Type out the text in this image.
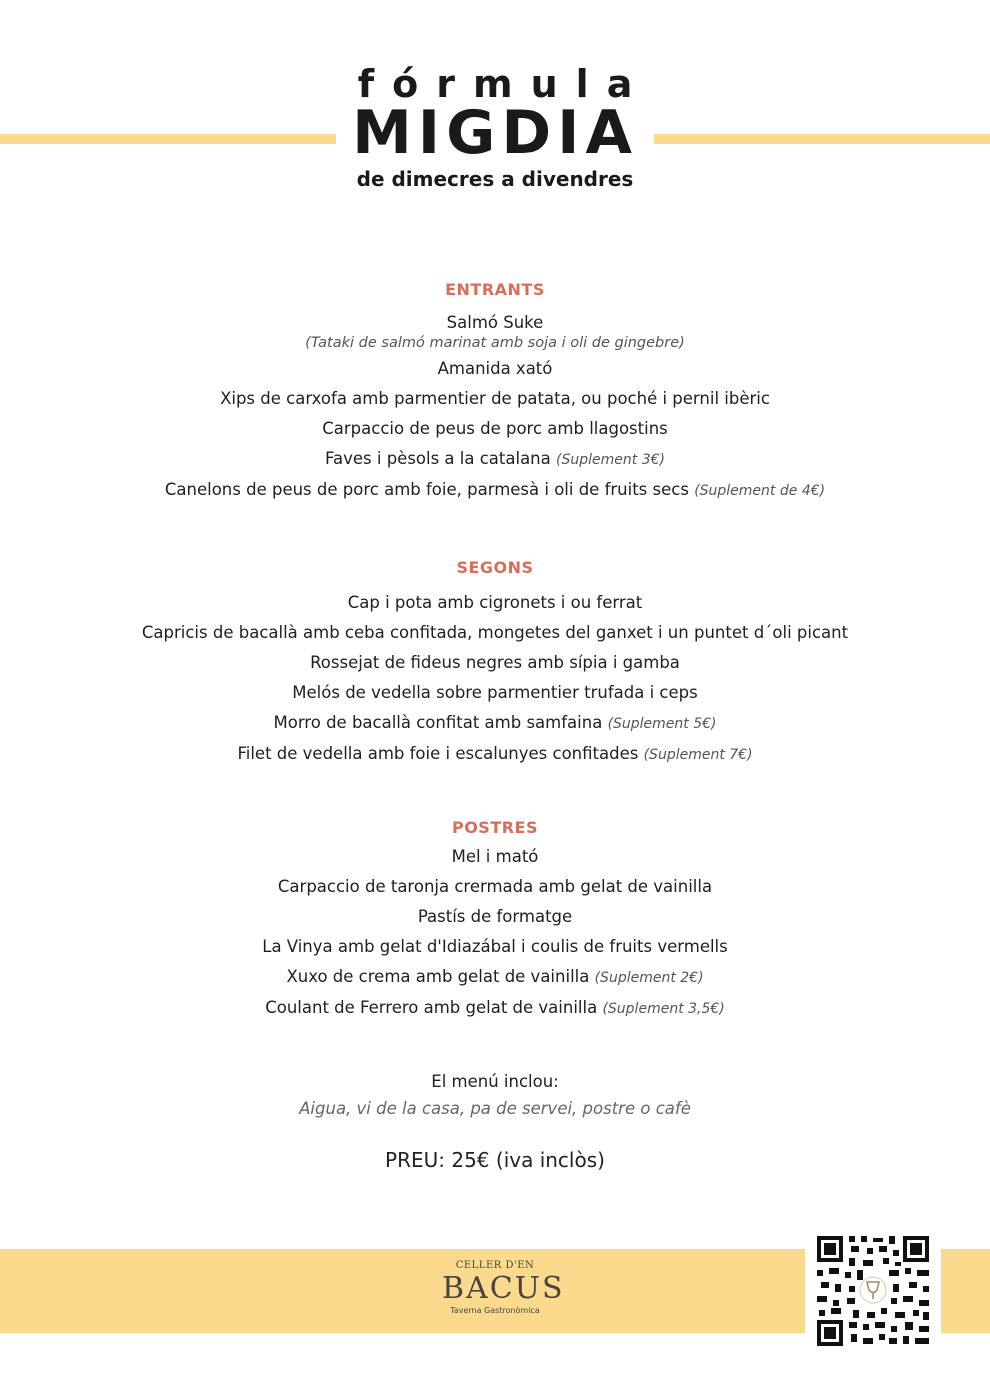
fórmula
MIGDIA
de dimecres a divendres
ENTRANTS
Salmó Suke
(Tataki de salmó marinat amb soja i oli de gingebre)
Amanida xató
Xips de carxofa amb parmentier de patata, ou poché i pernil ibèric
Carpaccio de peus de porc amb llagostins
Faves i pèsols a la catalana (Suplement 3€)
Canelons de peus de porc amb foie, parmesà i oli de fruits secs (Suplement de 4€)
SEGONS
Cap i pota amb cigronets i ou ferrat
Capricis de bacallà amb ceba confitada, mongetes del ganxet i un puntet d´oli picant
Rossejat de fideus negres amb sípia i gamba
Melós de vedella sobre parmentier trufada i ceps
Morro de bacallà confitat amb samfaina (Suplement 5€)
Filet de vedella amb foie i escalunyes confitades (Suplement 7€)
POSTRES
Mel i mató
Carpaccio de taronja crermada amb gelat de vainilla
Pastís de formatge
La Vinya amb gelat d'Idiazábal i coulis de fruits vermells
Xuxo de crema amb gelat de vainilla (Suplement 2€)
Coulant de Ferrero amb gelat de vainilla (Suplement 3,5€)
El menú inclou:
Aigua, vi de la casa, pa de servei, postre o cafè
PREU: 25€ (iva inclòs)
CELLER D'EN
BACUS
Taverna Gastronòmica
